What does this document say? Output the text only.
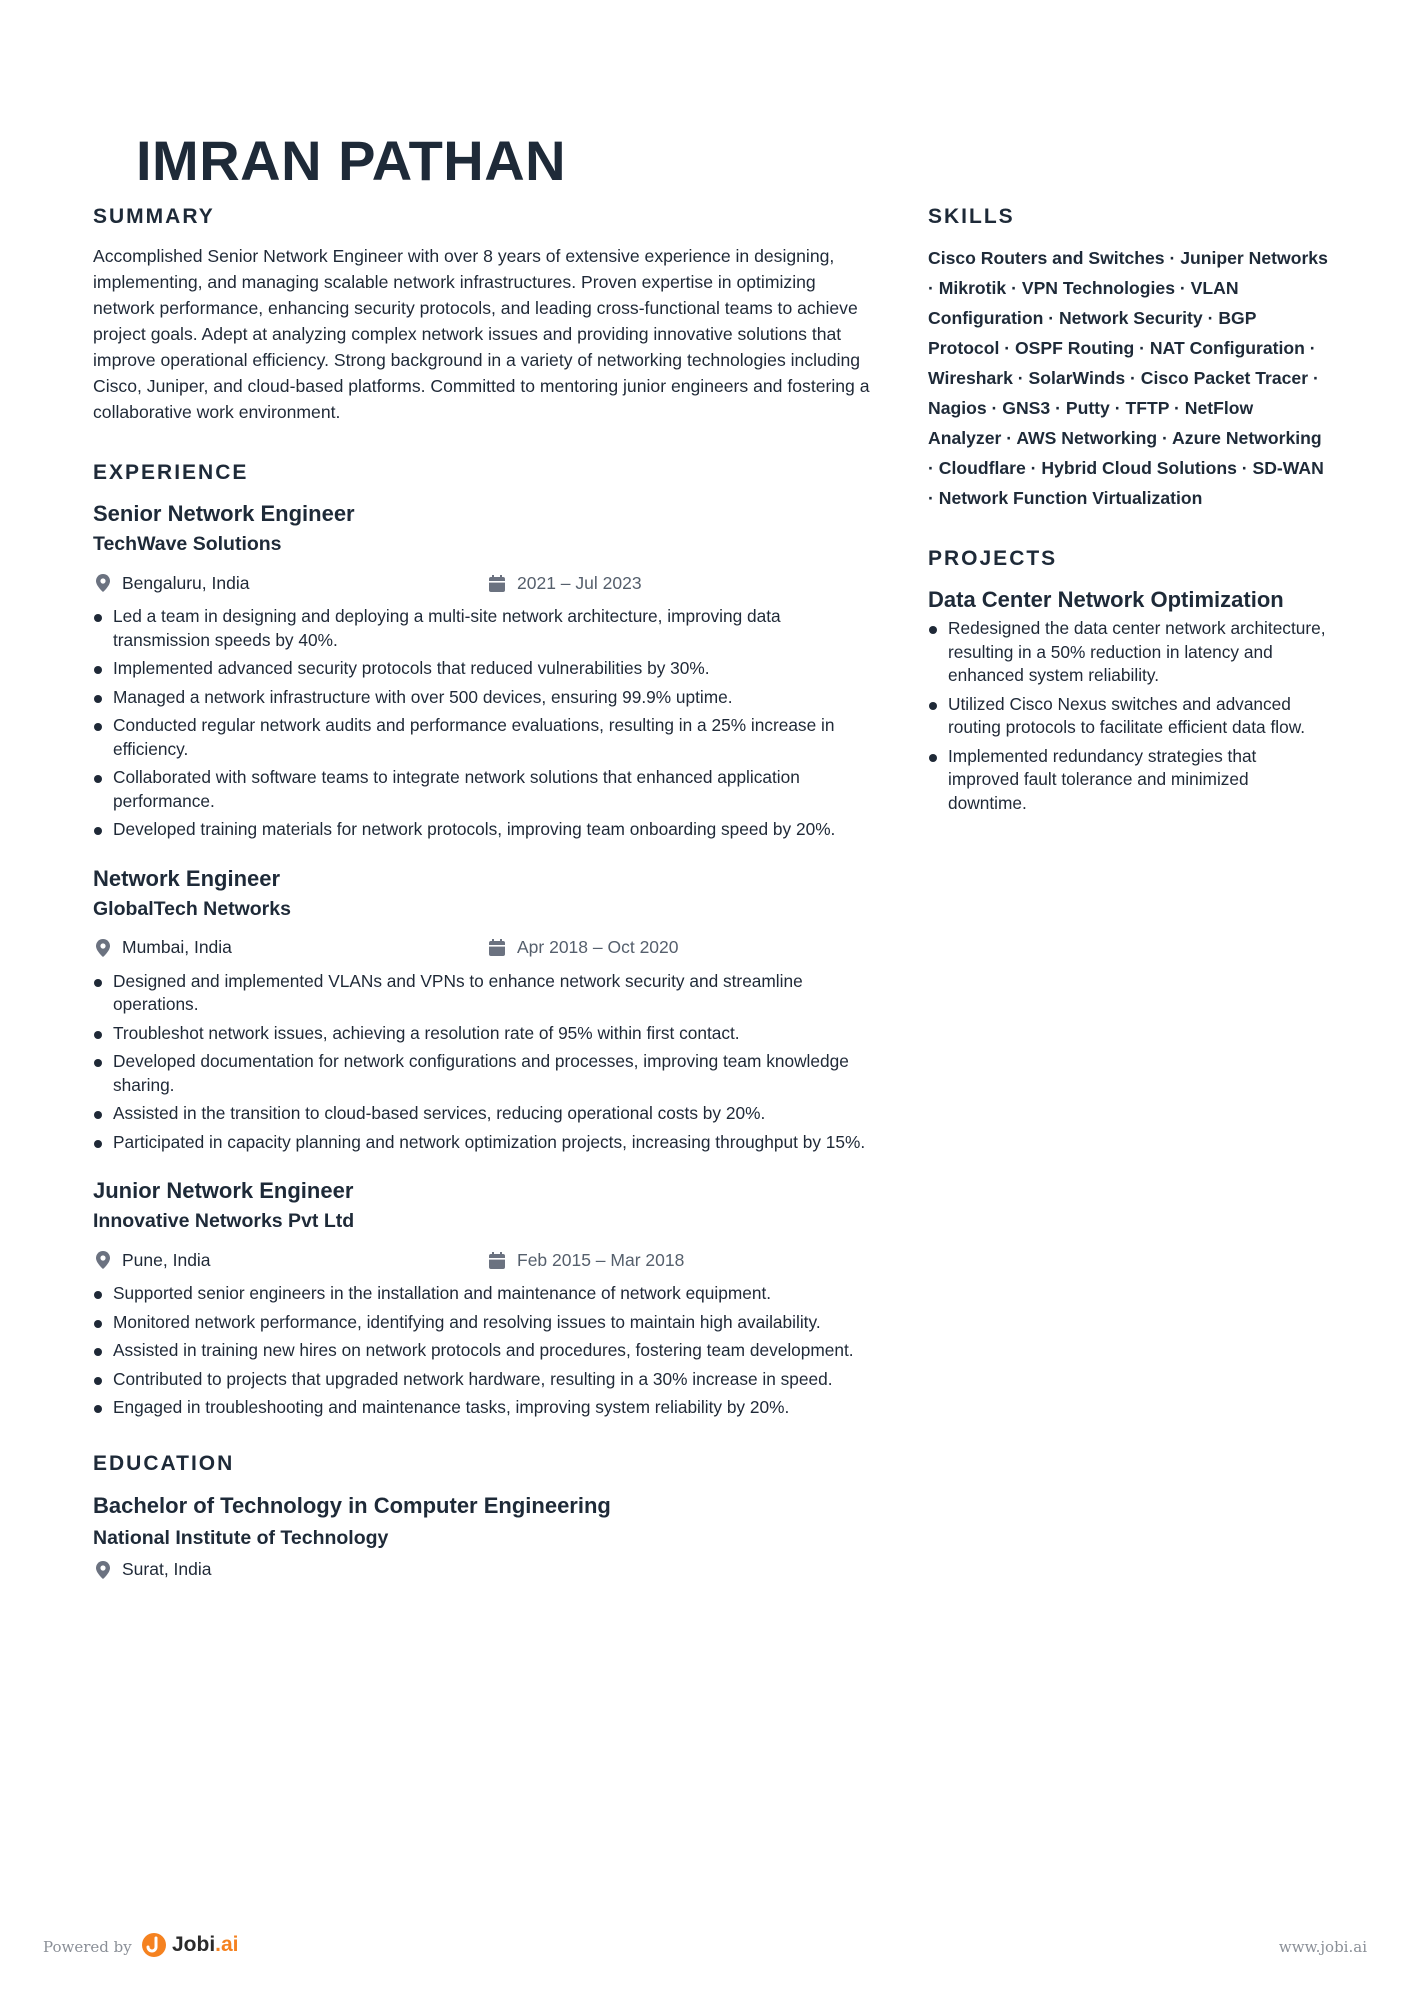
IMRAN PATHAN
SUMMARY

Accomplished Senior Network Engineer with over 8 years of extensive experience in designing, implementing, and managing scalable network infrastructures. Proven expertise in optimizing network performance, enhancing security protocols, and leading cross-functional teams to achieve project goals. Adept at analyzing complex network issues and providing innovative solutions that improve operational efficiency. Strong background in a variety of networking technologies including Cisco, Juniper, and cloud-based platforms. Committed to mentoring junior engineers and fostering a collaborative work environment.

EXPERIENCE
Senior Network Engineer
TechWave Solutions
Bengaluru, India	2021 – Jul 2023
Led a team in designing and deploying a multi-site network architecture, improving data transmission speeds by 40%.
Implemented advanced security protocols that reduced vulnerabilities by 30%.
Managed a network infrastructure with over 500 devices, ensuring 99.9% uptime.
Conducted regular network audits and performance evaluations, resulting in a 25% increase in efficiency.
Collaborated with software teams to integrate network solutions that enhanced application performance.
Developed training materials for network protocols, improving team onboarding speed by 20%.
Network Engineer
GlobalTech Networks
Mumbai, India	Apr 2018 – Oct 2020
Designed and implemented VLANs and VPNs to enhance network security and streamline operations.
Troubleshot network issues, achieving a resolution rate of 95% within first contact.
Developed documentation for network configurations and processes, improving team knowledge sharing.
Assisted in the transition to cloud-based services, reducing operational costs by 20%.
Participated in capacity planning and network optimization projects, increasing throughput by 15%.
Junior Network Engineer
Innovative Networks Pvt Ltd
Pune, India	Feb 2015 – Mar 2018
Supported senior engineers in the installation and maintenance of network equipment.
Monitored network performance, identifying and resolving issues to maintain high availability.
Assisted in training new hires on network protocols and procedures, fostering team development.
Contributed to projects that upgraded network hardware, resulting in a 30% increase in speed.
Engaged in troubleshooting and maintenance tasks, improving system reliability by 20%.
EDUCATION
Bachelor of Technology in Computer Engineering
National Institute of Technology
Surat, India
SKILLS

Cisco Routers and Switches · Juniper Networks · Mikrotik · VPN Technologies · VLAN Configuration · Network Security · BGP Protocol · OSPF Routing · NAT Configuration · Wireshark · SolarWinds · Cisco Packet Tracer · Nagios · GNS3 · Putty · TFTP · NetFlow Analyzer · AWS Networking · Azure Networking · Cloudflare · Hybrid Cloud Solutions · SD-WAN · Network Function Virtualization

PROJECTS
Data Center Network Optimization
Redesigned the data center network architecture, resulting in a 50% reduction in latency and enhanced system reliability.
Utilized Cisco Nexus switches and advanced routing protocols to facilitate efficient data flow.
Implemented redundancy strategies that improved fault tolerance and minimized downtime.
Powered by Jobi.ai	www.jobi.ai
